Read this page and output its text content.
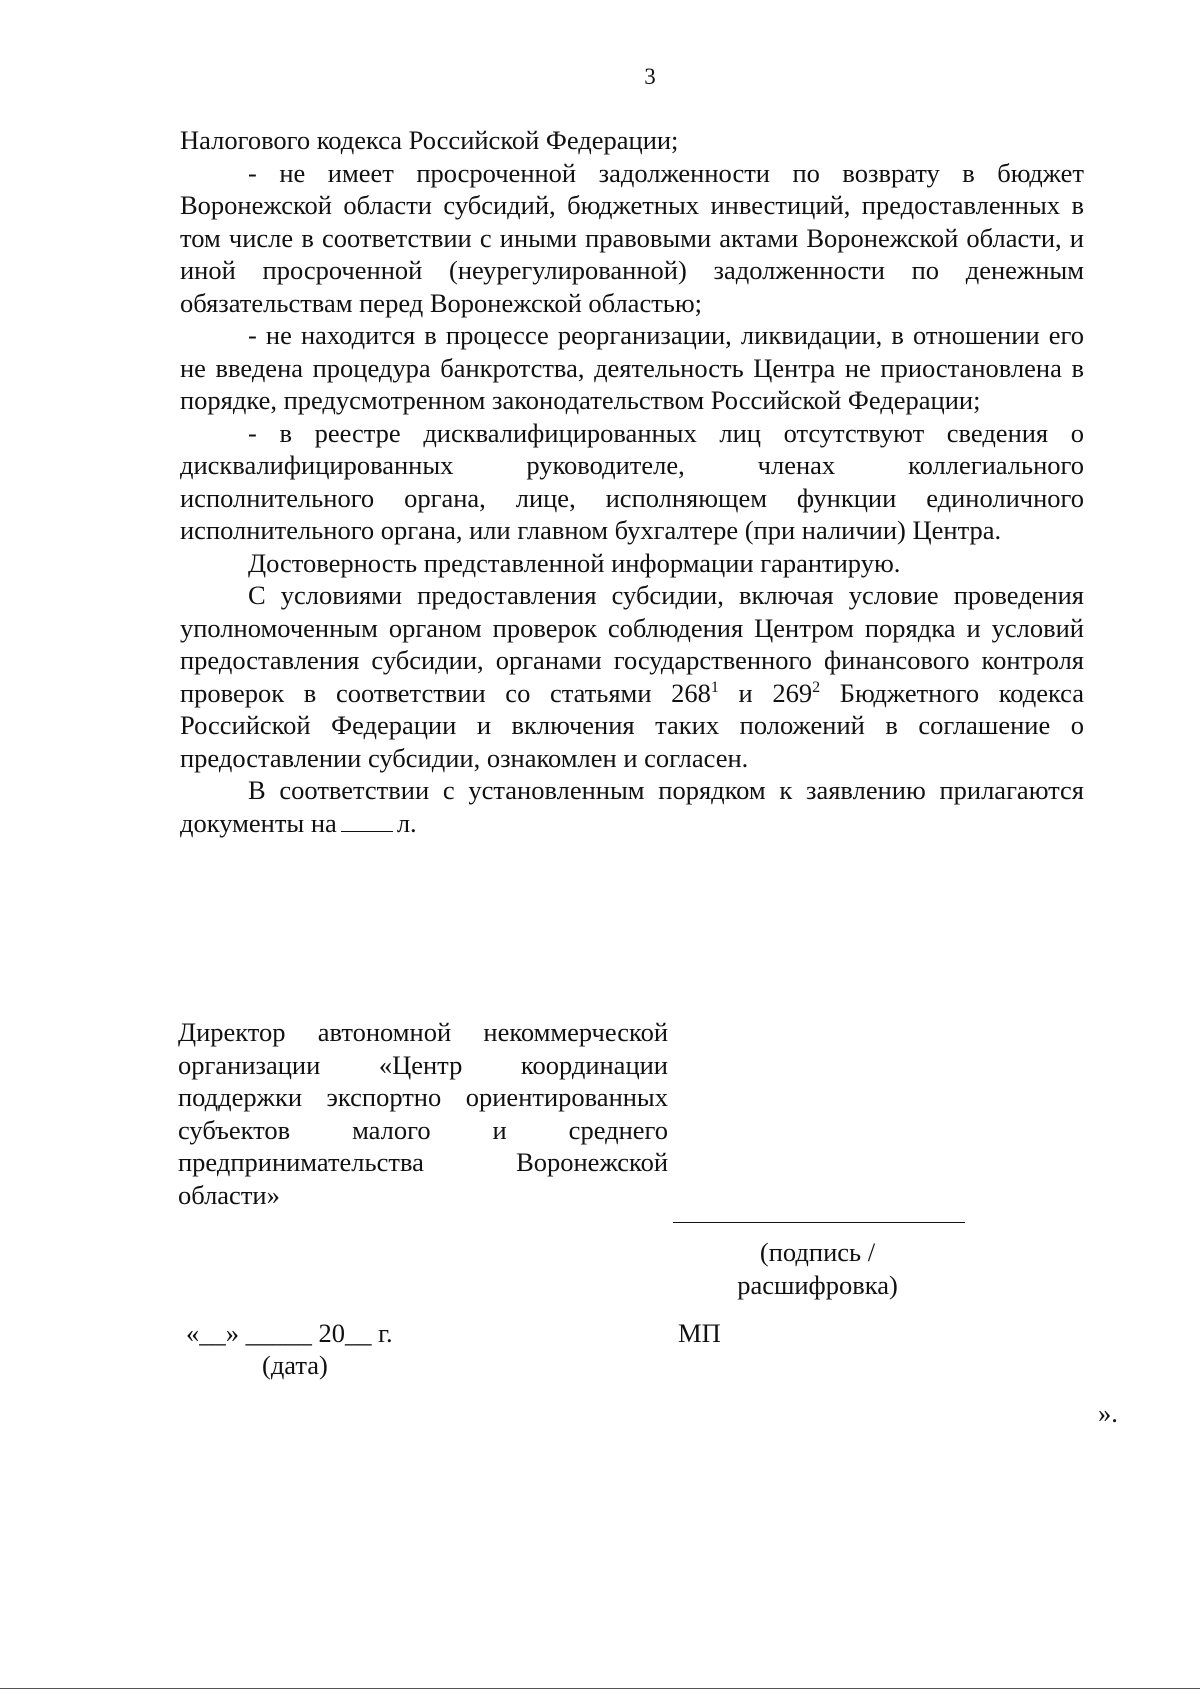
3

Налогового кодекса Российской Федерации;

- не имеет просроченной задолженности по возврату в бюджет Воронежской области субсидий, бюджетных инвестиций, предоставленных в том числе в соответствии с иными правовыми актами Воронежской области, и иной просроченной (неурегулированной) задолженности по денежным обязательствам перед Воронежской областью;

- не находится в процессе реорганизации, ликвидации, в отношении его не введена процедура банкротства, деятельность Центра не приостановлена в порядке, предусмотренном законодательством Российской Федерации;

- в реестре дисквалифицированных лиц отсутствуют сведения о дисквалифицированных руководителе, членах коллегиального исполнительного органа, лице, исполняющем функции единоличного исполнительного органа, или главном бухгалтере (при наличии) Центра.

Достоверность представленной информации гарантирую.

С условиями предоставления субсидии, включая условие проведения уполномоченным органом проверок соблюдения Центром порядка и условий предоставления субсидии, органами государственного финансового контроля проверок в соответствии со статьями $268^1$ и $269^2$ Бюджетного кодекса Российской Федерации и включения таких положений в соглашение о предоставлении субсидии, ознакомлен и согласен.

В соответствии с установленным порядком к заявлению прилагаются документы на л.

Директор автономной некоммерческой организации «Центр координации поддержки экспортно ориентированных субъектов малого и среднего предпринимательства Воронежской области»
(подпись /
расшифровка)
«__» _____ 20__ г.
(дата)
МП
».
